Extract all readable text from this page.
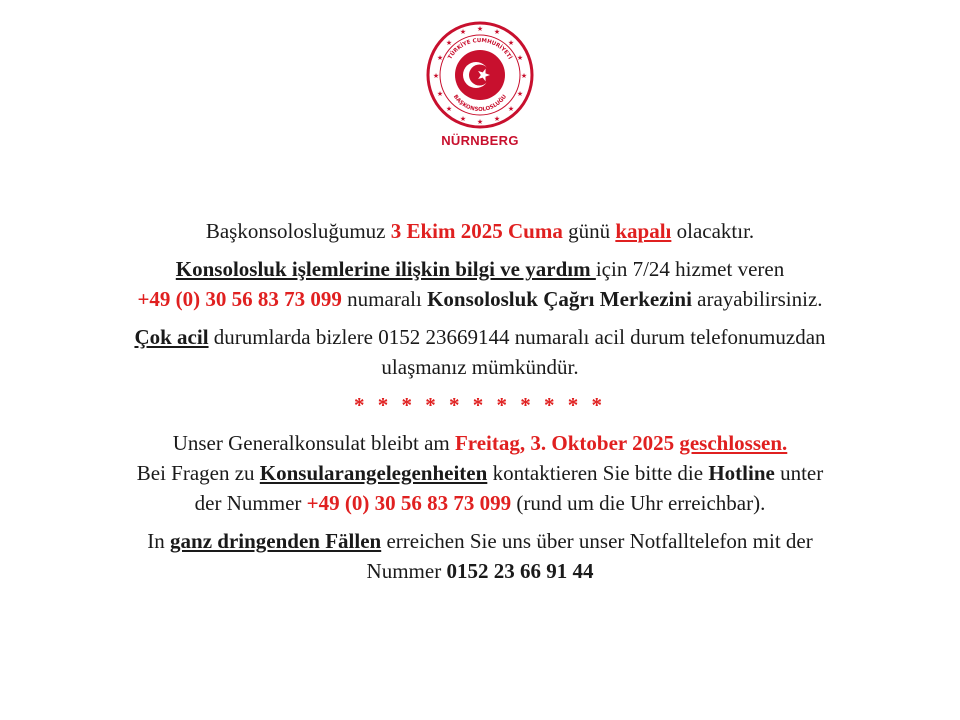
★
★
★	★
★	★
★	★
★	★
★	★
★	★
★	★
TÜRKİYE CUMHURİYETİ
BAŞKONSOLOSLUĞU
NÜRNBERG

Başkonsolosluğumuz 3 Ekim 2025 Cuma günü kapalı olacaktır.

Konsolosluk işlemlerine ilişkin bilgi ve yardım için 7/24 hizmet veren
+49 (0) 30 56 83 73 099 numaralı Konsolosluk Çağrı Merkezini arayabilirsiniz.

Çok acil durumlarda bizlere 0152 23669144 numaralı acil durum telefonumuzdan
ulaşmanız mümkündür.

* * * * * * * * * * *

Unser Generalkonsulat bleibt am Freitag, 3. Oktober 2025 geschlossen.

Bei Fragen zu Konsularangelegenheiten kontaktieren Sie bitte die Hotline unter
der Nummer +49 (0) 30 56 83 73 099 (rund um die Uhr erreichbar).

In ganz dringenden Fällen erreichen Sie uns über unser Notfalltelefon mit der
Nummer 0152 23 66 91 44
